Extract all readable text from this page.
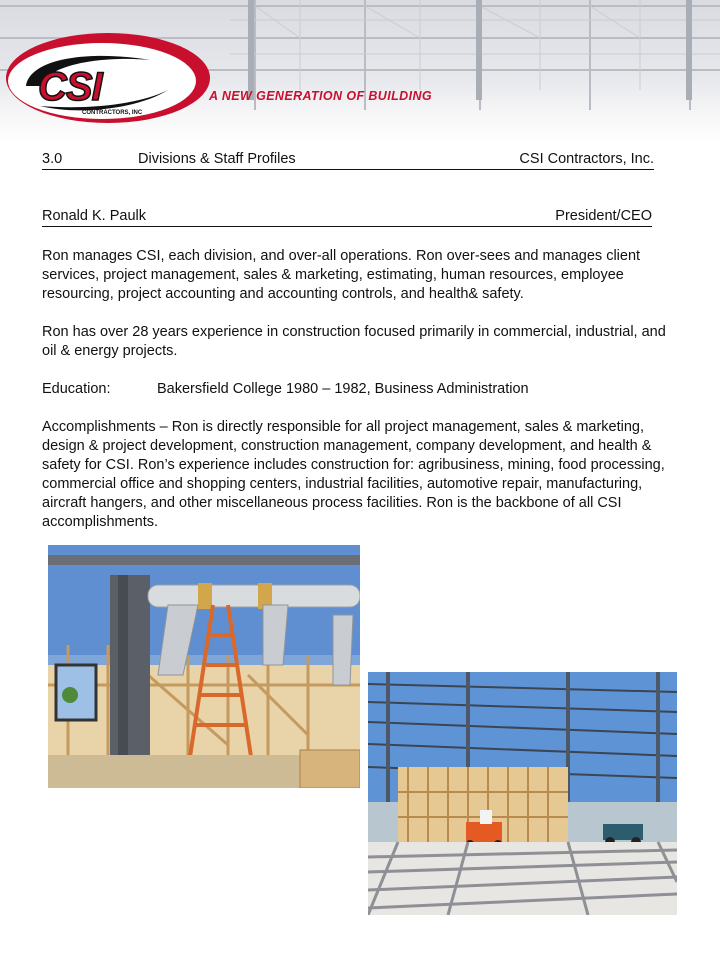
CSI
CONTRACTORS, INC
A NEW GENERATION OF BUILDING
3.0	Divisions & Staff Profiles	CSI Contractors, Inc.
Ronald K. Paulk	President/CEO

Ron manages CSI, each division, and over-all operations. Ron over-sees and manages client services, project management, sales & marketing, estimating, human resources, employee resourcing, project accounting and accounting controls, and health& safety.

Ron has over 28 years experience in construction focused primarily in commercial, industrial, and oil & energy projects.

Education:	Bakersfield College 1980 – 1982, Business Administration

Accomplishments – Ron is directly responsible for all project management, sales & marketing, design & project development, construction management, company development, and health & safety for CSI. Ron’s experience includes construction for: agribusiness, mining, food processing, commercial office and shopping centers, industrial facilities, automotive repair, manufacturing, aircraft hangers, and other miscellaneous process facilities. Ron is the backbone of all CSI accomplishments.
